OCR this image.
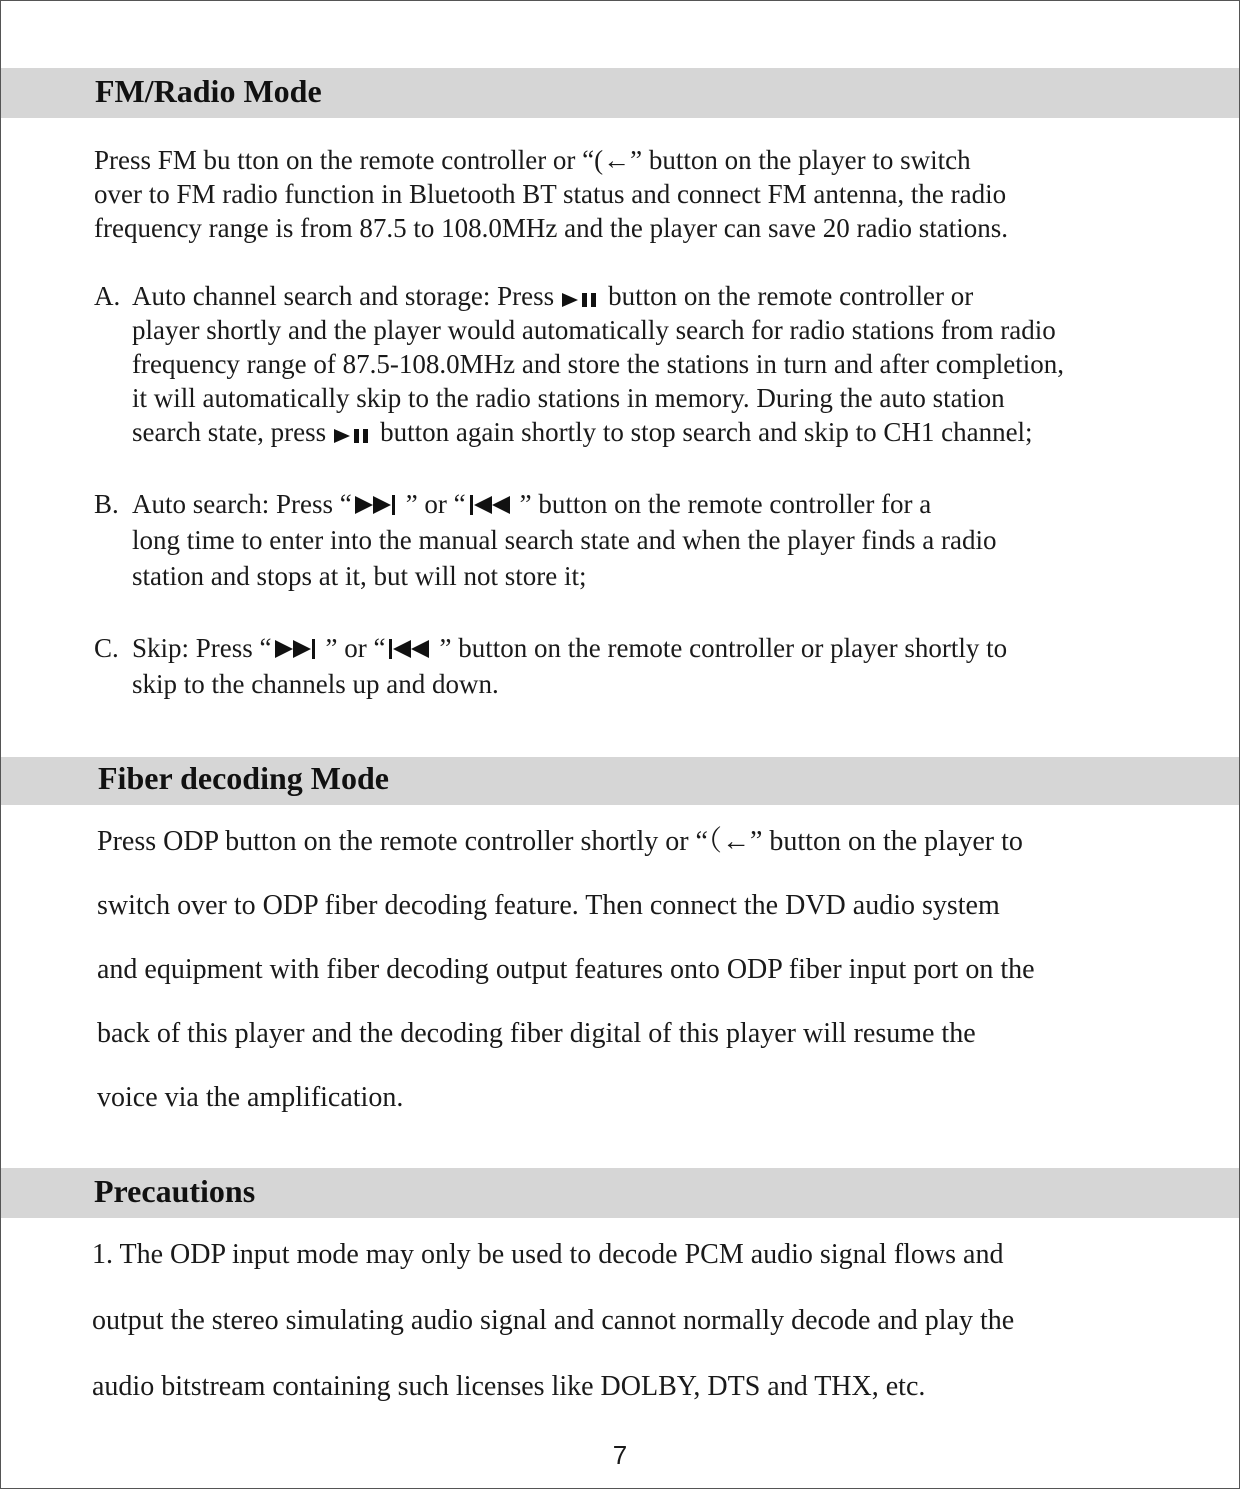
FM/Radio Mode
Press FM bu tton on the remote controller or “(←” button on the player to switch
over to FM radio function in Bluetooth BT status and connect FM antenna, the radio
frequency range is from 87.5 to 108.0MHz and the player can save 20 radio stations.
A. Auto channel search and storage: Press button on the remote controller or
player shortly and the player would automatically search for radio stations from radio
frequency range of 87.5-108.0MHz and store the stations in turn and after completion,
it will automatically skip to the radio stations in memory. During the auto station
search state, press button again shortly to stop search and skip to CH1 channel;
B. Auto search: Press “ ” or “ ” button on the remote controller for a
long time to enter into the manual search state and when the player finds a radio
station and stops at it, but will not store it;
C. Skip: Press “ ” or “ ” button on the remote controller or player shortly to
skip to the channels up and down.
Fiber decoding Mode
Press ODP button on the remote controller shortly or “（←” button on the player to
switch over to ODP fiber decoding feature. Then connect the DVD audio system
and equipment with fiber decoding output features onto ODP fiber input port on the
back of this player and the decoding fiber digital of this player will resume the
voice via the amplification.
Precautions
1. The ODP input mode may only be used to decode PCM audio signal flows and
output the stereo simulating audio signal and cannot normally decode and play the
audio bitstream containing such licenses like DOLBY, DTS and THX, etc.
7
